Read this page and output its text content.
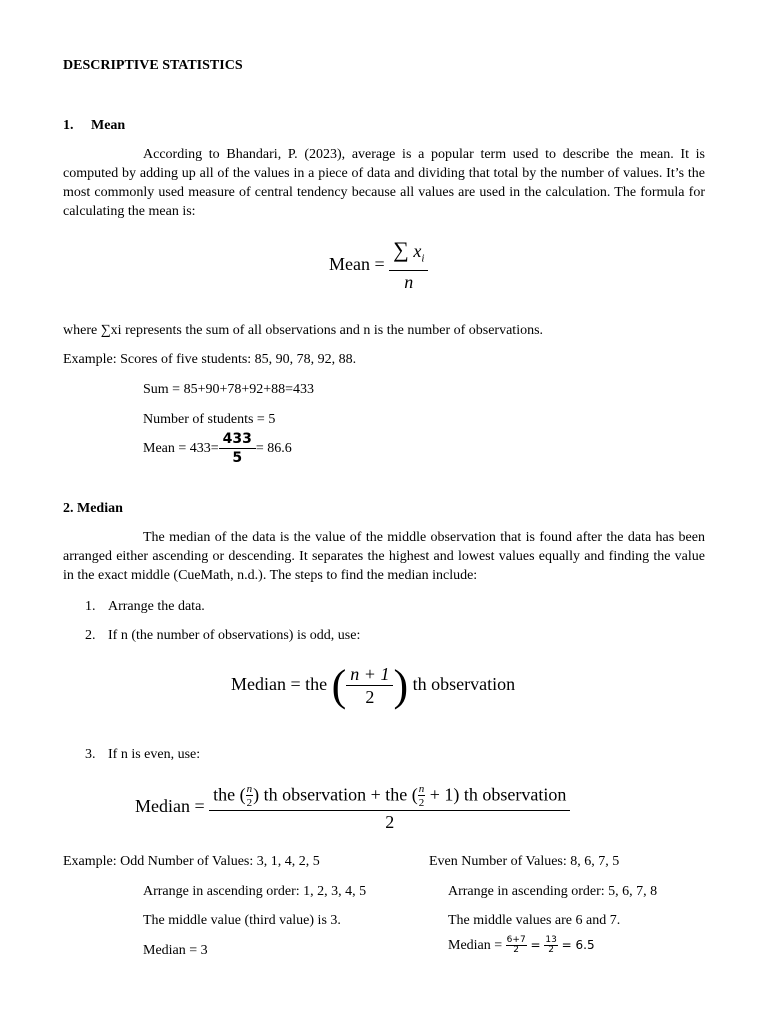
DESCRIPTIVE STATISTICS
1. Mean
According to Bhandari, P. (2023), average is a popular term used to describe the mean. It is computed by adding up all of the values in a piece of data and dividing that total by the number of values. It’s the most commonly used measure of central tendency because all values are used in the calculation. The formula for calculating the mean is:
Mean = $\frac{\sum x_i}{n}$
where ∑xi represents the sum of all observations and n is the number of observations.
Example: Scores of five students: 85, 90, 78, 92, 88.
Sum = 85+90+78+92+88=433
Number of students = 5
Mean = $433= \frac{433}{5} = 86.6$
2. Median
The median of the data is the value of the middle observation that is found after the data has been arranged either ascending or descending. It separates the highest and lowest values equally and finding the value in the exact middle (CueMath, n.d.). The steps to find the median include:
1. Arrange the data.
2. If n (the number of observations) is odd, use:
Median = the ( $\frac{n + 1}{2}$ ) th observation
3. If n is even, use:
Median =
the ( $\frac{n}{2}$ ) th observation + the ( $\frac{n}{2} + 1$) th observation
2
Example: Odd Number of Values: 3, 1, 4, 2, 5
Arrange in ascending order: 1, 2, 3, 4, 5
The middle value (third value) is 3.
Median = 3
Even Number of Values: 8, 6, 7, 5
Arrange in ascending order: 5, 6, 7, 8
The middle values are 6 and 7.
Median = $\frac{6+7}{2} = \frac{13}{2} = 6.5$
